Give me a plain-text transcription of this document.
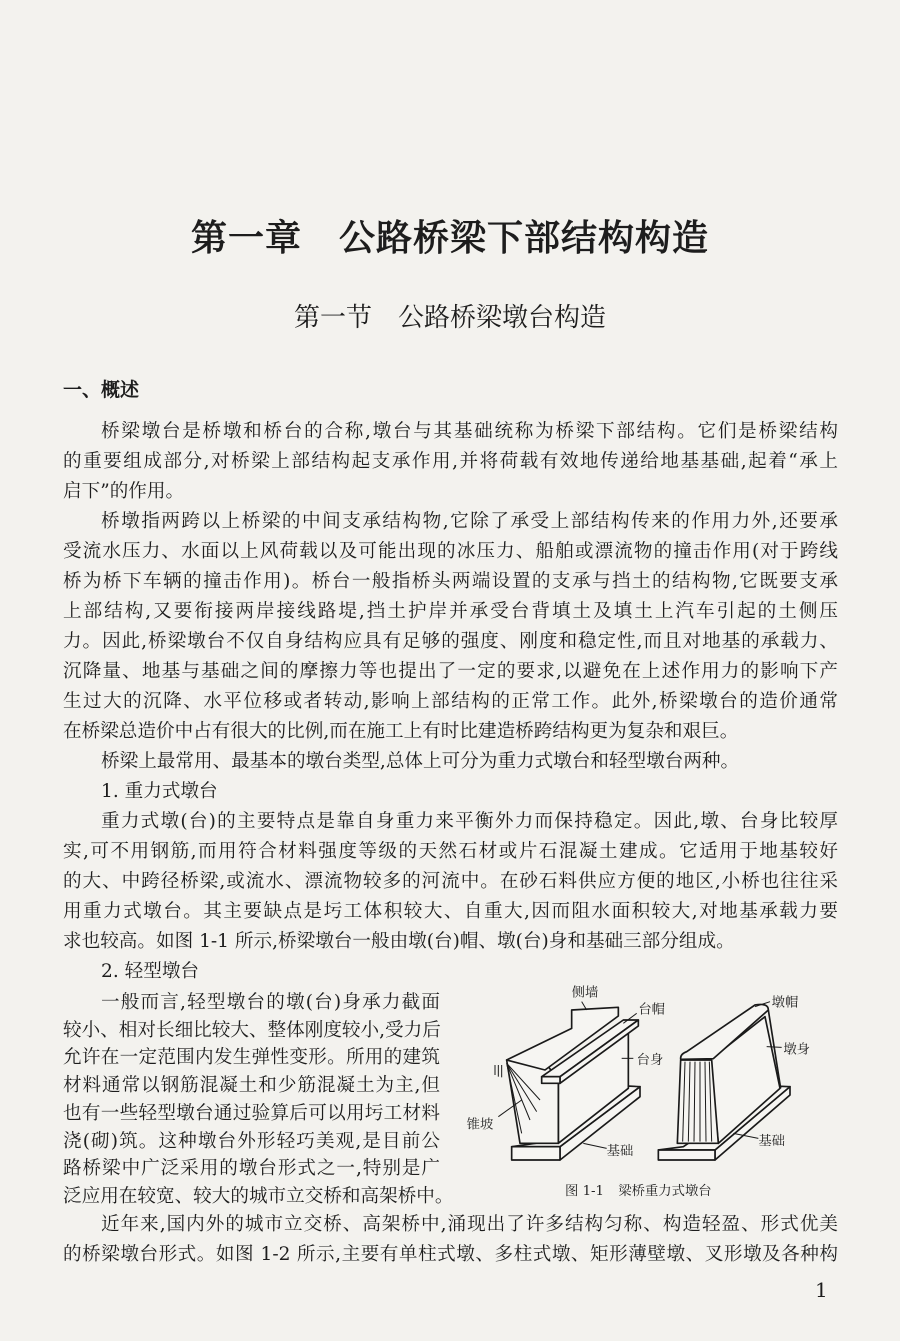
第一章　公路桥梁下部结构构造
第一节　公路桥梁墩台构造
一、概述
桥梁墩台是桥墩和桥台的合称,墩台与其基础统称为桥梁下部结构。它们是桥梁结构
的重要组成部分,对桥梁上部结构起支承作用,并将荷载有效地传递给地基基础,起着“承上
启下”的作用。
桥墩指两跨以上桥梁的中间支承结构物,它除了承受上部结构传来的作用力外,还要承
受流水压力、水面以上风荷载以及可能出现的冰压力、船舶或漂流物的撞击作用(对于跨线
桥为桥下车辆的撞击作用)。桥台一般指桥头两端设置的支承与挡土的结构物,它既要支承
上部结构,又要衔接两岸接线路堤,挡土护岸并承受台背填土及填土上汽车引起的土侧压
力。因此,桥梁墩台不仅自身结构应具有足够的强度、刚度和稳定性,而且对地基的承载力、
沉降量、地基与基础之间的摩擦力等也提出了一定的要求,以避免在上述作用力的影响下产
生过大的沉降、水平位移或者转动,影响上部结构的正常工作。此外,桥梁墩台的造价通常
在桥梁总造价中占有很大的比例,而在施工上有时比建造桥跨结构更为复杂和艰巨。
桥梁上最常用、最基本的墩台类型,总体上可分为重力式墩台和轻型墩台两种。
1. 重力式墩台
重力式墩(台)的主要特点是靠自身重力来平衡外力而保持稳定。因此,墩、台身比较厚
实,可不用钢筋,而用符合材料强度等级的天然石材或片石混凝土建成。它适用于地基较好
的大、中跨径桥梁,或流水、漂流物较多的河流中。在砂石料供应方便的地区,小桥也往往采
用重力式墩台。其主要缺点是圬工体积较大、自重大,因而阻水面积较大,对地基承载力要
求也较高。如图 1-1 所示,桥梁墩台一般由墩(台)帽、墩(台)身和基础三部分组成。
2. 轻型墩台
一般而言,轻型墩台的墩(台)身承力截面
较小、相对长细比较大、整体刚度较小,受力后
允许在一定范围内发生弹性变形。所用的建筑
材料通常以钢筋混凝土和少筋混凝土为主,但
也有一些轻型墩台通过验算后可以用圬工材料
浇(砌)筑。这种墩台外形轻巧美观,是目前公
路桥梁中广泛采用的墩台形式之一,特别是广
泛应用在较宽、较大的城市立交桥和高架桥中。
近年来,国内外的城市立交桥、高架桥中,涌现出了许多结构匀称、构造轻盈、形式优美
的桥梁墩台形式。如图 1-2 所示,主要有单柱式墩、多柱式墩、矩形薄壁墩、叉形墩及各种构
侧墙
台帽
台身
锥坡
基础
墩帽
墩身
基础
图 1-1 梁桥重力式墩台
1
